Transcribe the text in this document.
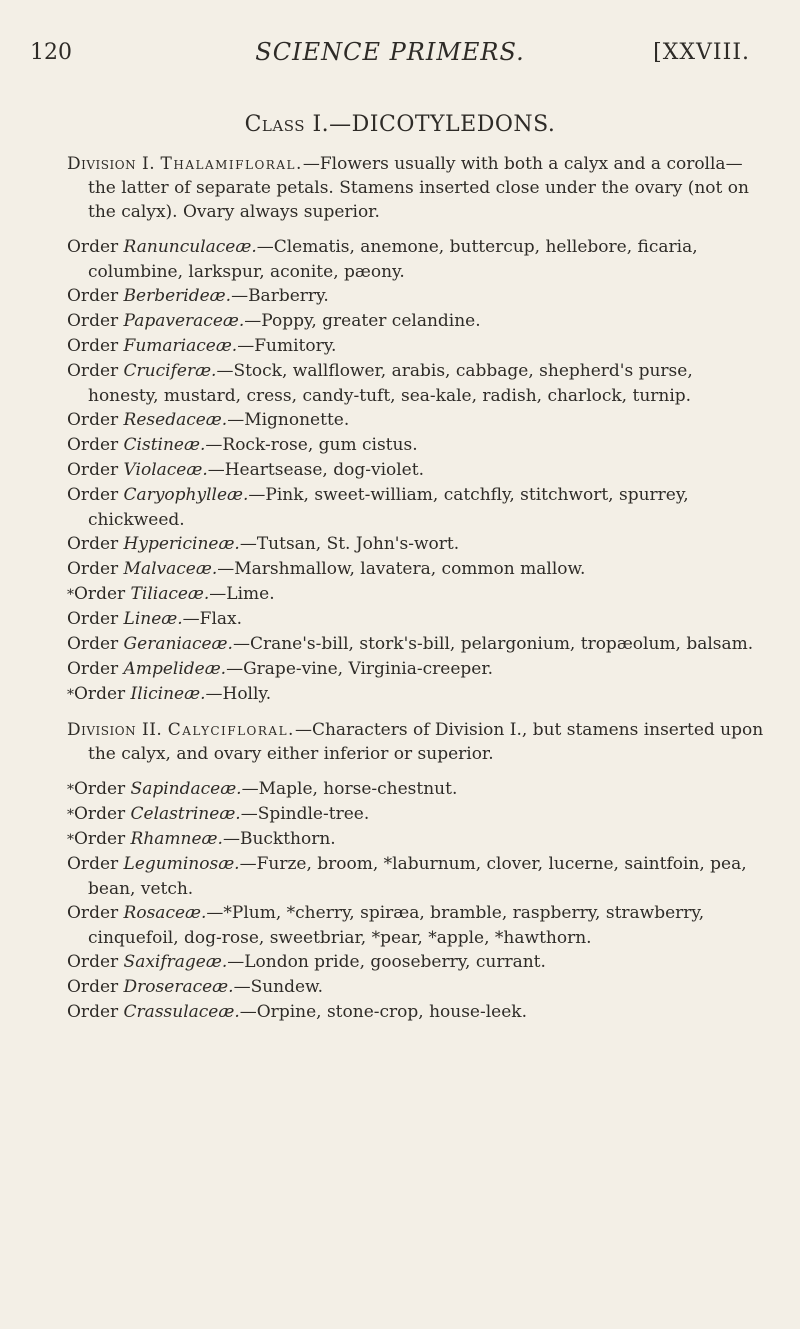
120	SCIENCE PRIMERS.	[XXVIII.
Class I.—DICOTYLEDONS.

Division I. Thalamifloral.—Flowers usually with both a calyx and a corolla—the latter of separate petals. Stamens inserted close under the ovary (not on the calyx). Ovary always superior.

Order Ranunculaceæ.—Clematis, anemone, buttercup, hellebore, ficaria, columbine, larkspur, aconite, pæony.

Order Berberideæ.—Barberry.

Order Papaveraceæ.—Poppy, greater celandine.

Order Fumariaceæ.—Fumitory.

Order Cruciferæ.—Stock, wallflower, arabis, cabbage, shepherd's purse, honesty, mustard, cress, candy-tuft, sea-kale, radish, charlock, turnip.

Order Resedaceæ.—Mignonette.

Order Cistineæ.—Rock-rose, gum cistus.

Order Violaceæ.—Heartsease, dog-violet.

Order Caryophylleæ.—Pink, sweet-william, catchfly, stitchwort, spurrey, chickweed.

Order Hypericineæ.—Tutsan, St. John's-wort.

Order Malvaceæ.—Marshmallow, lavatera, common mallow.

*Order Tiliaceæ.—Lime.

Order Lineæ.—Flax.

Order Geraniaceæ.—Crane's-bill, stork's-bill, pelargonium, tropæolum, balsam.

Order Ampelideæ.—Grape-vine, Virginia-creeper.

*Order Ilicineæ.—Holly.

Division II. Calycifloral.—Characters of Division I., but stamens inserted upon the calyx, and ovary either inferior or superior.

*Order Sapindaceæ.—Maple, horse-chestnut.

*Order Celastrineæ.—Spindle-tree.

*Order Rhamneæ.—Buckthorn.

Order Leguminosæ.—Furze, broom, *laburnum, clover, lucerne, saintfoin, pea, bean, vetch.

Order Rosaceæ.—*Plum, *cherry, spiræa, bramble, raspberry, strawberry, cinquefoil, dog-rose, sweetbriar, *pear, *apple, *hawthorn.

Order Saxifrageæ.—London pride, gooseberry, currant.

Order Droseraceæ.—Sundew.

Order Crassulaceæ.—Orpine, stone-crop, house-leek.
